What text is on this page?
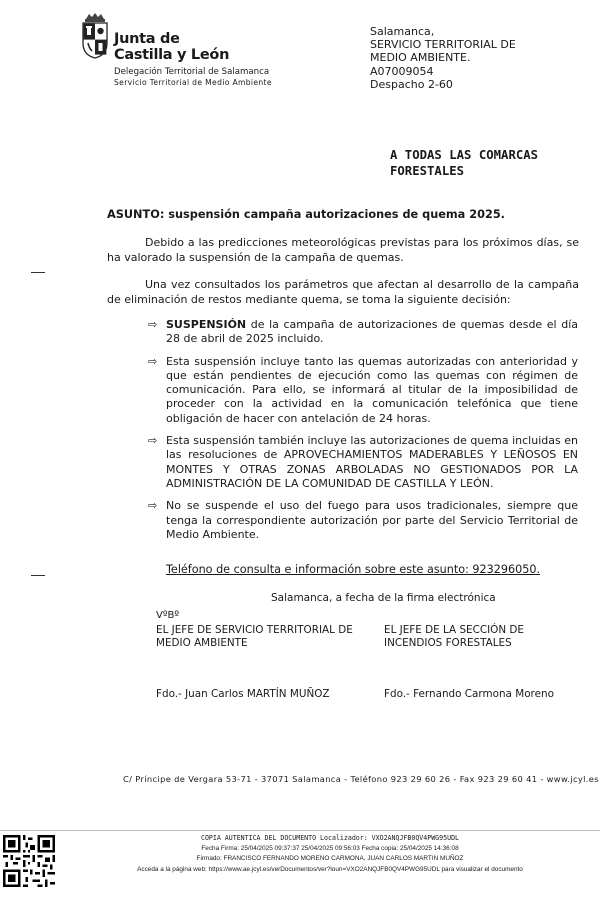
Junta de
Castilla y León
Delegación Territorial de Salamanca
Servicio Territorial de Medio Ambiente
Salamanca,
SERVICIO TERRITORIAL DE MEDIO AMBIENTE.
A07009054
Despacho 2-60
A TODAS LAS COMARCAS FORESTALES
ASUNTO: suspensión campaña autorizaciones de quema 2025.
Debido a las predicciones meteorológicas previstas para los próximos días, se ha valorado la suspensión de la campaña de quemas.
Una vez consultados los parámetros que afectan al desarrollo de la campaña de eliminación de restos mediante quema, se toma la siguiente decisión:
⇨ SUSPENSIÓN de la campaña de autorizaciones de quemas desde el día 28 de abril de 2025 incluido.
⇨ Esta suspensión incluye tanto las quemas autorizadas con anterioridad y que están pendientes de ejecución como las quemas con régimen de comunicación. Para ello, se informará al titular de la imposibilidad de proceder con la actividad en la comunicación telefónica que tiene obligación de hacer con antelación de 24 horas.
⇨ Esta suspensión también incluye las autorizaciones de quema incluidas en las resoluciones de APROVECHAMIENTOS MADERABLES Y LEÑOSOS EN MONTES Y OTRAS ZONAS ARBOLADAS NO GESTIONADOS POR LA ADMINISTRACIÓN DE LA COMUNIDAD DE CASTILLA Y LEÓN.
⇨ No se suspende el uso del fuego para usos tradicionales, siempre que tenga la correspondiente autorización por parte del Servicio Territorial de Medio Ambiente.
Teléfono de consulta e información sobre este asunto: 923296050.
Salamanca, a fecha de la firma electrónica
VºBº
EL JEFE DE SERVICIO TERRITORIAL DE MEDIO AMBIENTE
EL JEFE DE LA SECCIÓN DE INCENDIOS FORESTALES
Fdo.- Juan Carlos MARTÍN MUÑOZ	Fdo.- Fernando Carmona Moreno
C/ Príncipe de Vergara 53-71 - 37071 Salamanca - Teléfono 923 29 60 26 - Fax 923 29 60 41 - www.jcyl.es
COPIA AUTENTICA DEL DOCUMENTO Localizador: VXO2ANQJFB0QV4PWG95UDL
Fecha Firma: 25/04/2025 09:37:37 25/04/2025 09:56:03 Fecha copia: 25/04/2025 14:36:08
Firmado: FRANCISCO FERNANDO MORENO CARMONA, JUAN CARLOS MARTIN MUÑOZ
Acceda a la página web: https://www.ae.jcyl.es/verDocumentos/ver?loun=VXO2ANQJFB0QV4PWG95UDL para visualizar el documento
